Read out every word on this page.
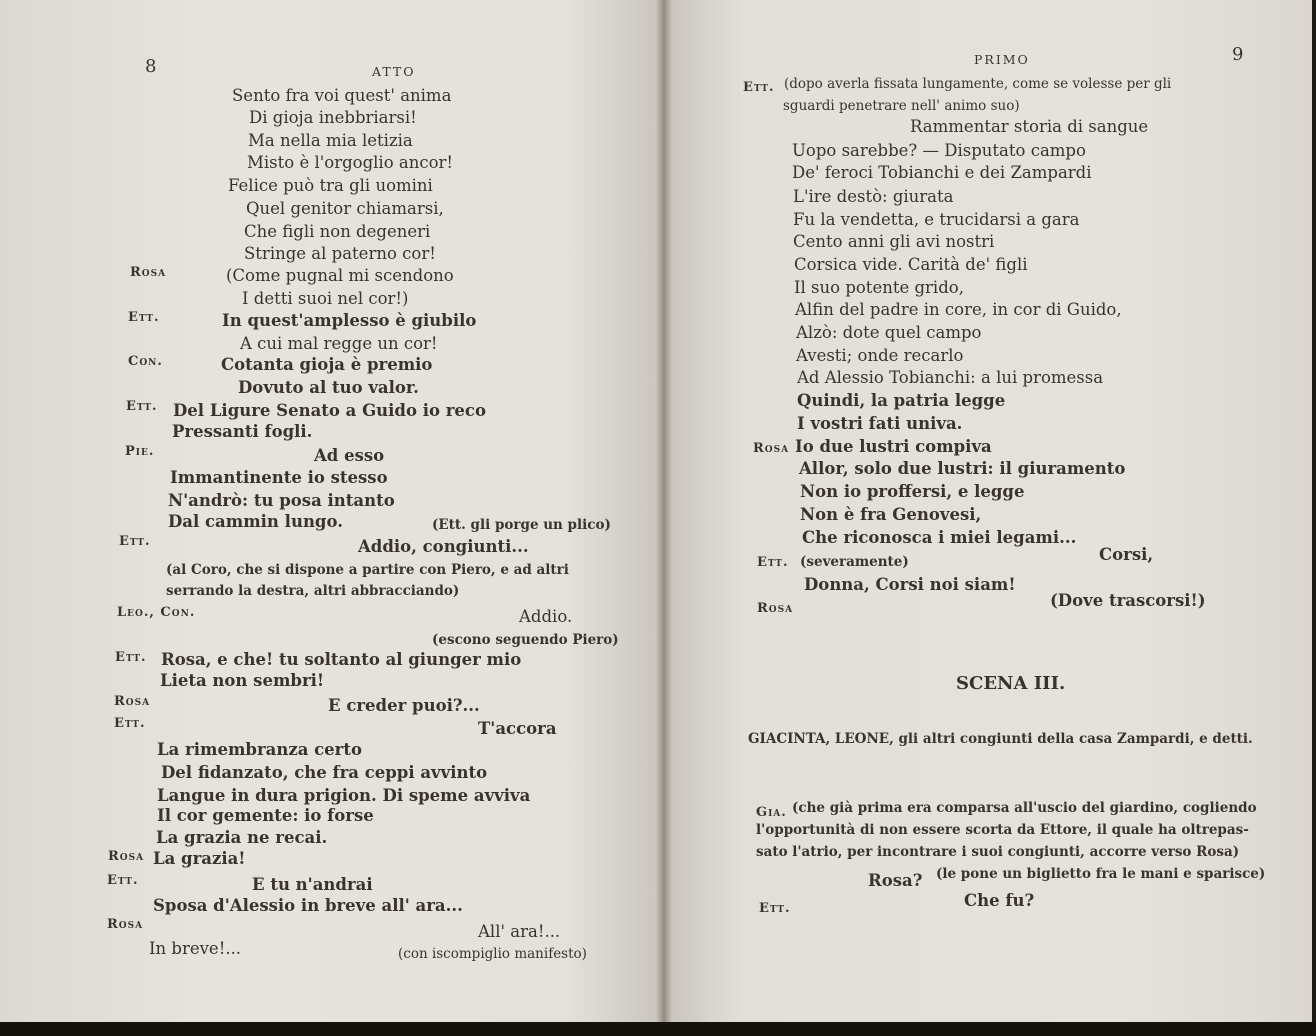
8	ATTO
Sento fra voi quest' anima
Di gioja inebbriarsi!
Ma nella mia letizia
Misto è l'orgoglio ancor!
Felice può tra gli uomini
Quel genitor chiamarsi,
Che figli non degeneri
Stringe al paterno cor!
Rosa	(Come pugnal mi scendono
I detti suoi nel cor!)
Ett.	In quest'amplesso è giubilo
A cui mal regge un cor!
Con.	Cotanta gioja è premio
Dovuto al tuo valor.
Ett. Del Ligure Senato a Guido io reco
Pressanti fogli.
Pie.	Ad esso
Immantinente io stesso
N'andrò: tu posa intanto
Dal cammin lungo.	(Ett. gli porge un plico)
Ett.	Addio, congiunti...
(al Coro, che si dispone a partire con Piero, e ad altri
serrando la destra, altri abbracciando)
Leo., Con.	Addio.
(escono seguendo Piero)
Ett. Rosa, e che! tu soltanto al giunger mio
Lieta non sembri!
Rosa	E creder puoi?...
Ett.	T'accora
La rimembranza certo
Del fidanzato, che fra ceppi avvinto
Langue in dura prigion. Di speme avviva
Il cor gemente: io forse
La grazia ne recai.
Rosa La grazia!
Ett.	E tu n'andrai
Sposa d'Alessio in breve all' ara...
Rosa	All' ara!...
In breve!...	(con iscompiglio manifesto)
PRIMO	9
Ett. (dopo averla fissata lungamente, come se volesse per gli
sguardi penetrare nell' animo suo)
Rammentar storia di sangue
Uopo sarebbe? — Disputato campo
De' feroci Tobianchi e dei Zampardi
L'ire destò: giurata
Fu la vendetta, e trucidarsi a gara
Cento anni gli avi nostri
Corsica vide. Carità de' figli
Il suo potente grido,
Alfin del padre in core, in cor di Guido,
Alzò: dote quel campo
Avesti; onde recarlo
Ad Alessio Tobianchi: a lui promessa
Quindi, la patria legge
I vostri fati univa.
Rosa Io due lustri compiva
Allor, solo due lustri: il giuramento
Non io proffersi, e legge
Non è fra Genovesi,
Che riconosca i miei legami...
Ett. (severamente)	Corsi,
Donna, Corsi noi siam!
Rosa	(Dove trascorsi!)
SCENA III.
GIACINTA, LEONE, gli altri congiunti della casa Zampardi, e detti.
Gia. (che già prima era comparsa all'uscio del giardino, cogliendo
l'opportunità di non essere scorta da Ettore, il quale ha oltrepas-
sato l'atrio, per incontrare i suoi congiunti, accorre verso Rosa)
Rosa? (le pone un biglietto fra le mani e sparisce)
Ett.	Che fu?
